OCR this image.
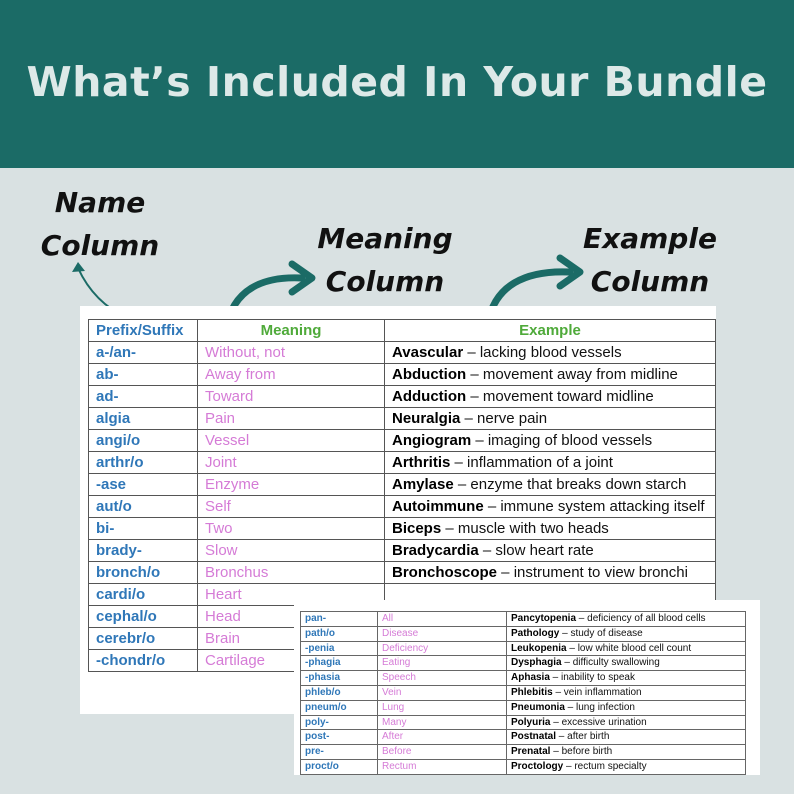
What’s Included In Your Bundle
Name
Column	Meaning
Column
Example
Column
Prefix/Suffix	Meaning	Example
a-/an-	Without, not	Avascular – lacking blood vessels
ab-	Away from	Abduction – movement away from midline
ad-	Toward	Adduction – movement toward midline
algia	Pain	Neuralgia – nerve pain
angi/o	Vessel	Angiogram – imaging of blood vessels
arthr/o	Joint	Arthritis – inflammation of a joint
-ase	Enzyme	Amylase – enzyme that breaks down starch
aut/o	Self	Autoimmune – immune system attacking itself
bi-	Two	Biceps – muscle with two heads
brady-	Slow	Bradycardia – slow heart rate
bronch/o	Bronchus	Bronchoscope – instrument to view bronchi
cardi/o	Heart	
cephal/o	Head	
cerebr/o	Brain	
-chondr/o	Cartilage	
pan-	All	Pancytopenia – deficiency of all blood cells
path/o	Disease	Pathology – study of disease
-penia	Deficiency	Leukopenia – low white blood cell count
-phagia	Eating	Dysphagia – difficulty swallowing
-phasia	Speech	Aphasia – inability to speak
phleb/o	Vein	Phlebitis – vein inflammation
pneum/o	Lung	Pneumonia – lung infection
poly-	Many	Polyuria – excessive urination
post-	After	Postnatal – after birth
pre-	Before	Prenatal – before birth
proct/o	Rectum	Proctology – rectum specialty
